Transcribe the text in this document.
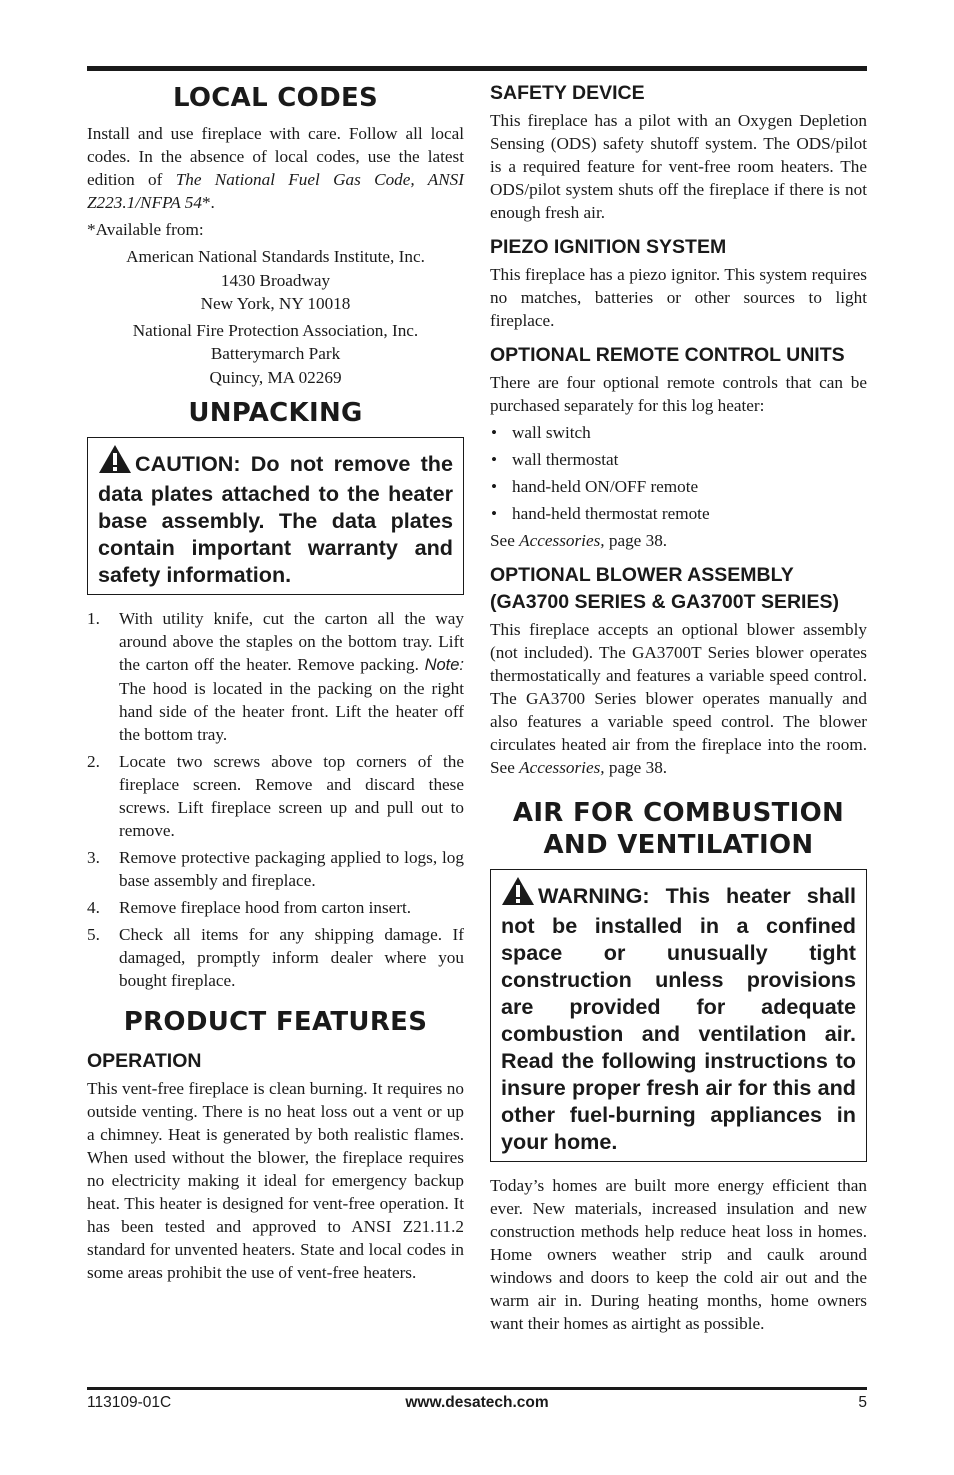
LOCAL CODES

Install and use fireplace with care. Follow all local codes. In the absence of local codes, use the latest edition of The National Fuel Gas Code, ANSI Z223.1/NFPA 54*.

*Available from:

American National Standards Institute, Inc.

1430 Broadway

New York, NY 10018

National Fire Protection Association, Inc.

Batterymarch Park

Quincy, MA 02269

UNPACKING
CAUTION: Do not remove the data plates attached to the heater base assembly. The data plates contain important warranty and safety information.
1. With utility knife, cut the carton all the way around above the staples on the bottom tray. Lift the carton off the heater. Remove packing. Note: The hood is located in the packing on the right hand side of the heater front. Lift the heater off the bottom tray.
2. Locate two screws above top corners of the fireplace screen. Remove and discard these screws. Lift fireplace screen up and pull out to remove.
3. Remove protective packaging applied to logs, log base assembly and fireplace.
4. Remove fireplace hood from carton insert.
5. Check all items for any shipping damage. If damaged, promptly inform dealer where you bought fireplace.
PRODUCT FEATURES
OPERATION

This vent-free fireplace is clean burning. It requires no outside venting. There is no heat loss out a vent or up a chimney. Heat is generated by both realistic flames. When used without the blower, the fireplace requires no electricity making it ideal for emergency backup heat. This heater is designed for vent-free operation. It has been tested and approved to ANSI Z21.11.2 standard for unvented heaters. State and local codes in some areas prohibit the use of vent-free heaters.

SAFETY DEVICE

This fireplace has a pilot with an Oxygen Depletion Sensing (ODS) safety shutoff system. The ODS/pilot is a required feature for vent-free room heaters. The ODS/pilot system shuts off the fireplace if there is not enough fresh air.

PIEZO IGNITION SYSTEM

This fireplace has a piezo ignitor. This system requires no matches, batteries or other sources to light fireplace.

OPTIONAL REMOTE CONTROL UNITS

There are four optional remote controls that can be purchased separately for this log heater:

• wall switch
• wall thermostat
• hand-held ON/OFF remote
• hand-held thermostat remote

See Accessories, page 38.

OPTIONAL BLOWER ASSEMBLY (GA3700 SERIES & GA3700T SERIES)

This fireplace accepts an optional blower assembly (not included). The GA3700T Series blower operates thermostatically and features a variable speed control. The GA3700 Series blower operates manually and also features a variable speed control. The blower circulates heated air from the fireplace into the room. See Accessories, page 38.

AIR FOR COMBUSTION
AND VENTILATION
WARNING: This heater shall not be installed in a confined space or unusually tight construction unless provisions are provided for adequate combustion and ventilation air. Read the following instructions to insure proper fresh air for this and other fuel-burning appliances in your home.

Today’s homes are built more energy efficient than ever. New materials, increased insulation and new construction methods help reduce heat loss in homes. Home owners weather strip and caulk around windows and doors to keep the cold air out and the warm air in. During heating months, home owners want their homes as airtight as possible.

www.desatech.com
113109-01C	5
